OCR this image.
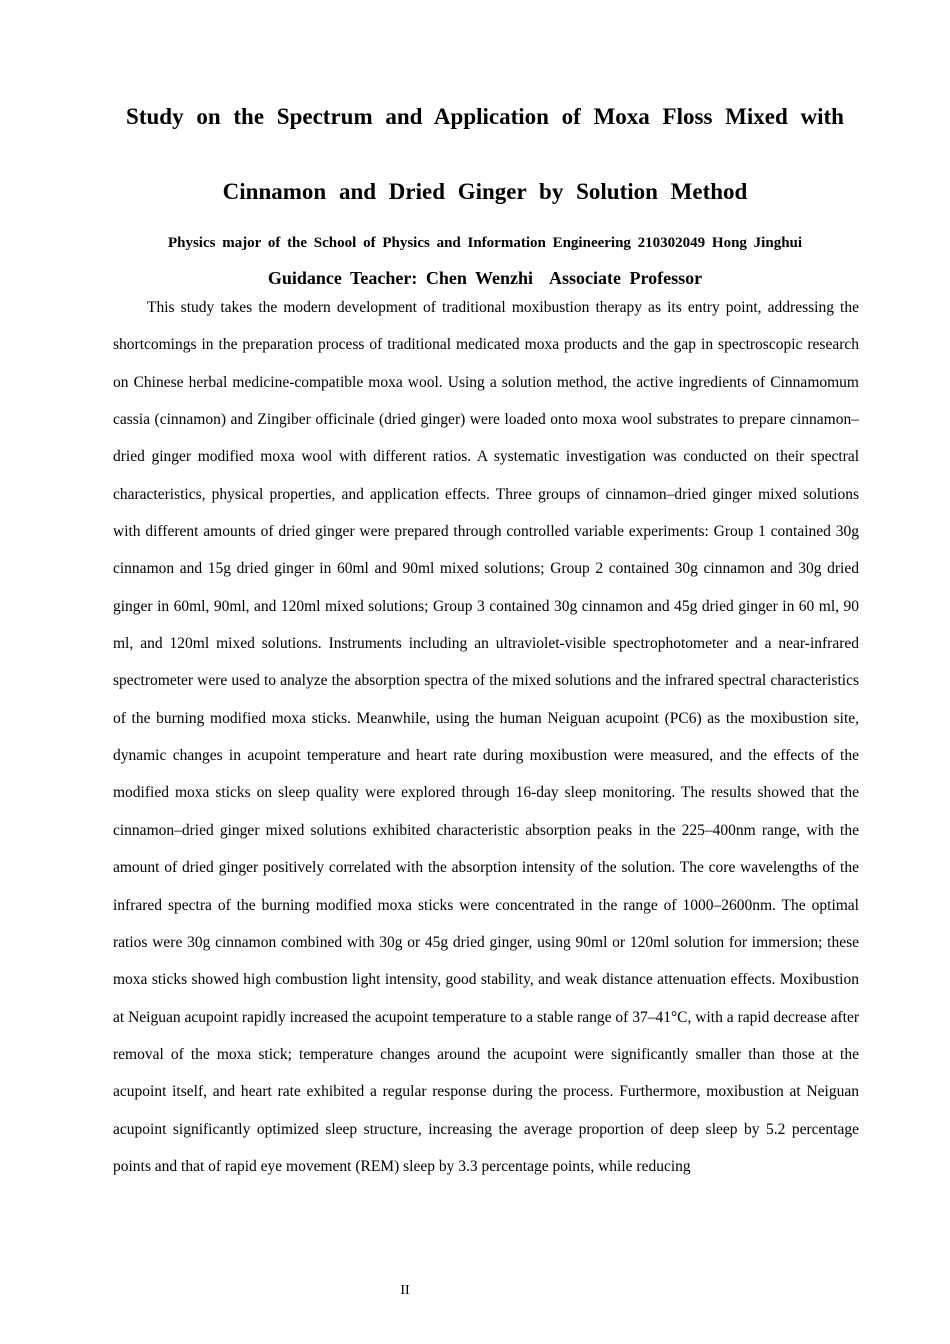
Study on the Spectrum and Application of Moxa Floss Mixed with
Cinnamon and Dried Ginger by Solution Method

Physics major of the School of Physics and Information Engineering 210302049 Hong Jinghui

Guidance Teacher: Chen Wenzhi  Associate Professor

This study takes the modern development of traditional moxibustion therapy as its entry point, addressing the shortcomings in the preparation process of traditional medicated moxa products and the gap in spectroscopic research on Chinese herbal medicine-compatible moxa wool. Using a solution method, the active ingredients of Cinnamomum cassia (cinnamon) and Zingiber officinale (dried ginger) were loaded onto moxa wool substrates to prepare cinnamon–dried ginger modified moxa wool with different ratios. A systematic investigation was conducted on their spectral characteristics, physical properties, and application effects. Three groups of cinnamon–dried ginger mixed solutions with different amounts of dried ginger were prepared through controlled variable experiments: Group 1 contained 30g cinnamon and 15g dried ginger in 60ml and 90ml mixed solutions; Group 2 contained 30g cinnamon and 30g dried ginger in 60ml, 90ml, and 120ml mixed solutions; Group 3 contained 30g cinnamon and 45g dried ginger in 60 ml, 90 ml, and 120ml mixed solutions. Instruments including an ultraviolet-visible spectrophotometer and a near-infrared spectrometer were used to analyze the absorption spectra of the mixed solutions and the infrared spectral characteristics of the burning modified moxa sticks. Meanwhile, using the human Neiguan acupoint (PC6) as the moxibustion site, dynamic changes in acupoint temperature and heart rate during moxibustion were measured, and the effects of the modified moxa sticks on sleep quality were explored through 16-day sleep monitoring. The results showed that the cinnamon–dried ginger mixed solutions exhibited characteristic absorption peaks in the 225–400nm range, with the amount of dried ginger positively correlated with the absorption intensity of the solution. The core wavelengths of the infrared spectra of the burning modified moxa sticks were concentrated in the range of 1000–2600nm. The optimal ratios were 30g cinnamon combined with 30g or 45g dried ginger, using 90ml or 120ml solution for immersion; these moxa sticks showed high combustion light intensity, good stability, and weak distance attenuation effects. Moxibustion at Neiguan acupoint rapidly increased the acupoint temperature to a stable range of 37–41°C, with a rapid decrease after removal of the moxa stick; temperature changes around the acupoint were significantly smaller than those at the acupoint itself, and heart rate exhibited a regular response during the process. Furthermore, moxibustion at Neiguan acupoint significantly optimized sleep structure, increasing the average proportion of deep sleep by 5.2 percentage points and that of rapid eye movement (REM) sleep by 3.3 percentage points, while reducing

II
